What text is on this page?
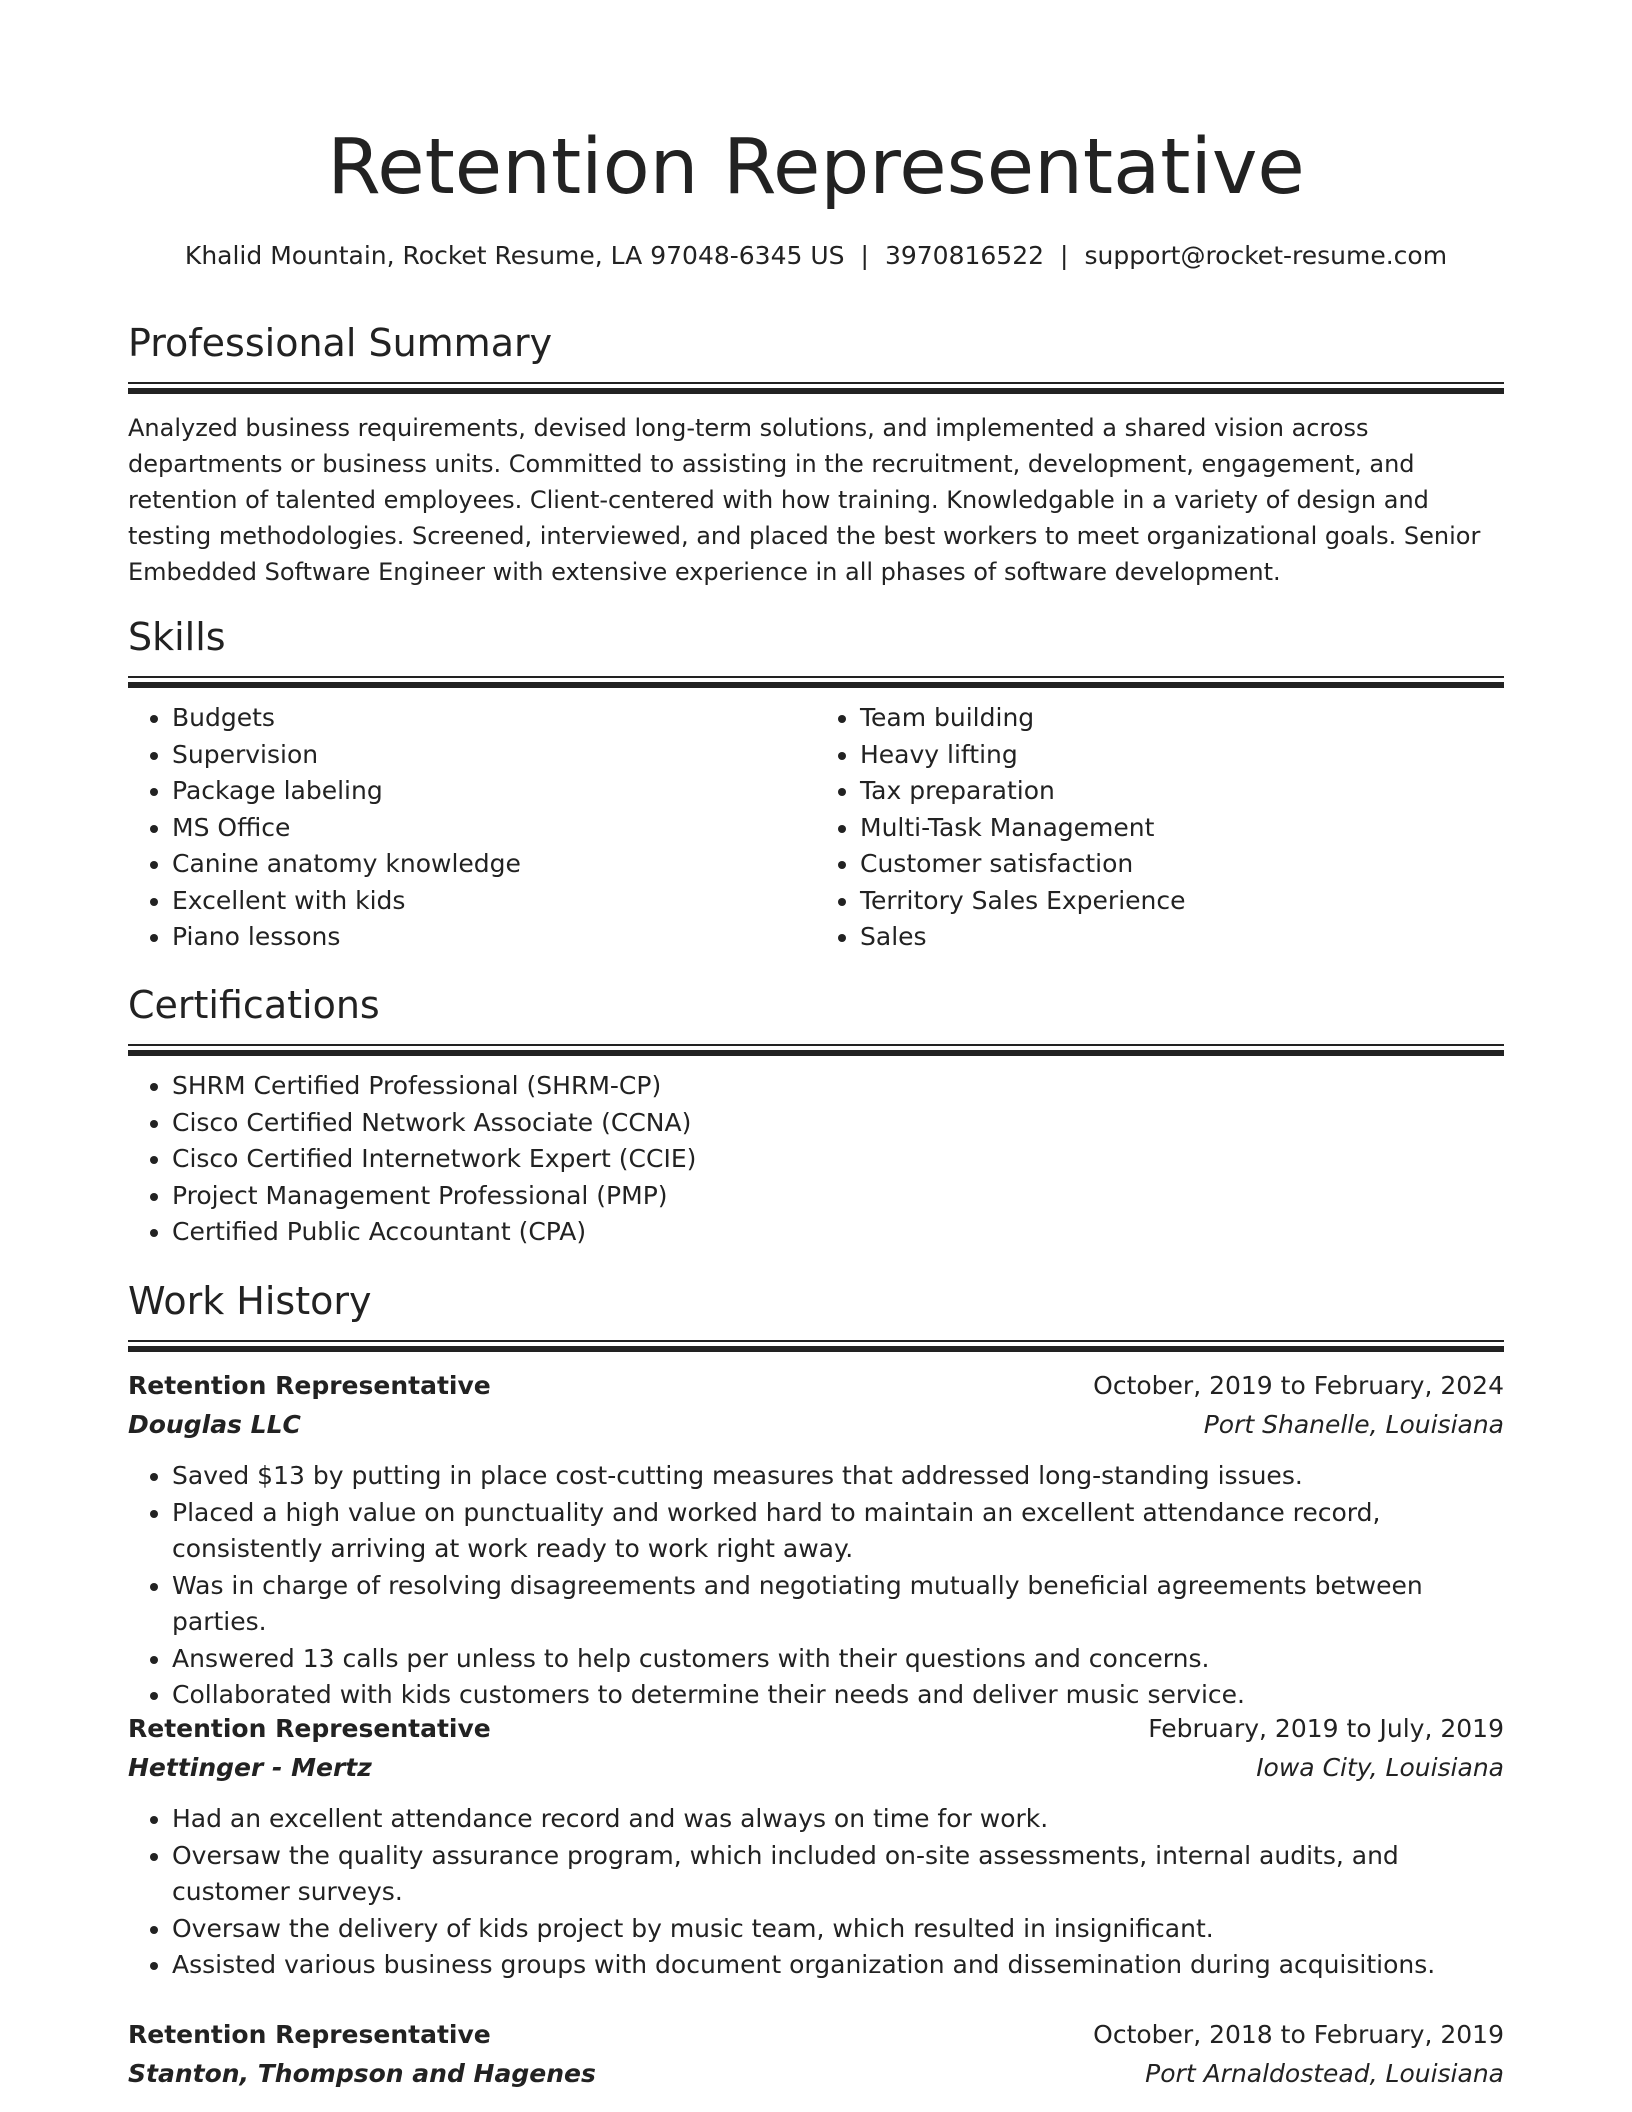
Retention Representative
Khalid Mountain, Rocket Resume, LA 97048-6345 US | 3970816522 | support@rocket-resume.com
Professional Summary

Analyzed business requirements, devised long-term solutions, and implemented a shared vision across departments or business units. Committed to assisting in the recruitment, development, engagement, and retention of talented employees. Client-centered with how training. Knowledgable in a variety of design and testing methodologies. Screened, interviewed, and placed the best workers to meet organizational goals. Senior Embedded Software Engineer with extensive experience in all phases of software development.

Skills
• Budgets
• Supervision
• Package labeling
• MS Office
• Canine anatomy knowledge
• Excellent with kids
• Piano lessons
• Team building
• Heavy lifting
• Tax preparation
• Multi-Task Management
• Customer satisfaction
• Territory Sales Experience
• Sales
Certifications
• SHRM Certified Professional (SHRM-CP)
• Cisco Certified Network Associate (CCNA)
• Cisco Certified Internetwork Expert (CCIE)
• Project Management Professional (PMP)
• Certified Public Accountant (CPA)
Work History
Retention Representative	October, 2019 to February, 2024
Douglas LLC	Port Shanelle, Louisiana
• Saved $13 by putting in place cost-cutting measures that addressed long-standing issues.
• Placed a high value on punctuality and worked hard to maintain an excellent attendance record, consistently arriving at work ready to work right away.
• Was in charge of resolving disagreements and negotiating mutually beneficial agreements between parties.
• Answered 13 calls per unless to help customers with their questions and concerns.
• Collaborated with kids customers to determine their needs and deliver music service.
Retention Representative	February, 2019 to July, 2019
Hettinger - Mertz	Iowa City, Louisiana
• Had an excellent attendance record and was always on time for work.
• Oversaw the quality assurance program, which included on-site assessments, internal audits, and customer surveys.
• Oversaw the delivery of kids project by music team, which resulted in insignificant.
• Assisted various business groups with document organization and dissemination during acquisitions.
Retention Representative	October, 2018 to February, 2019
Stanton, Thompson and Hagenes	Port Arnaldostead, Louisiana
